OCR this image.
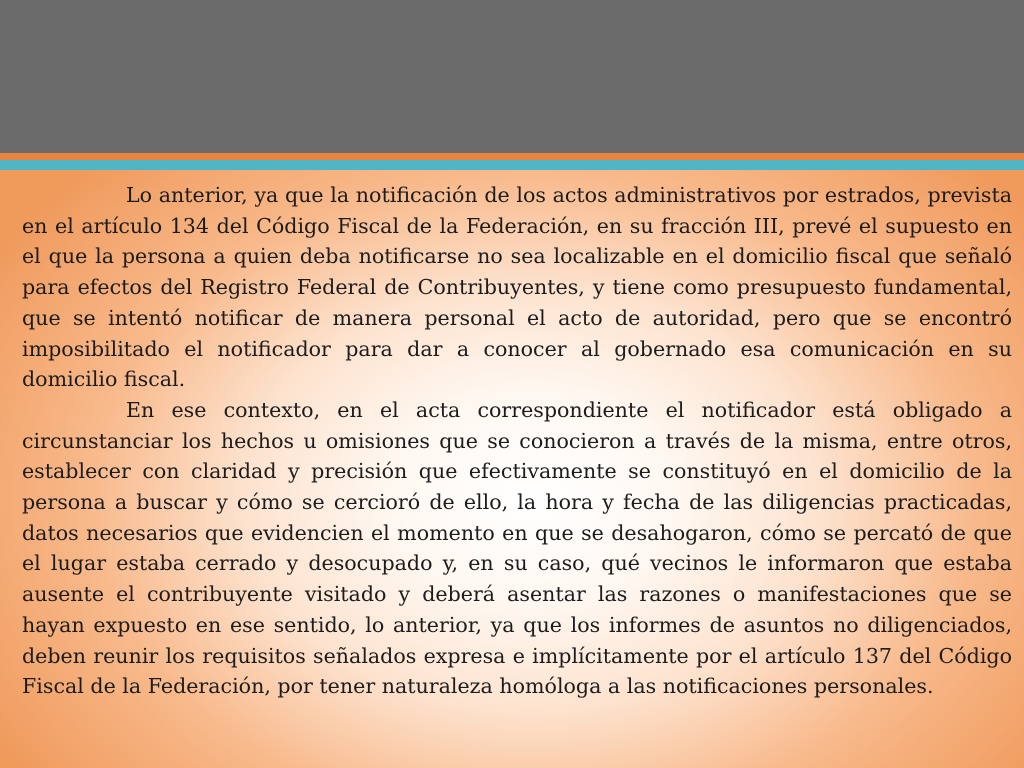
Lo anterior, ya que la notificación de los actos administrativos por estrados, prevista en el artículo 134 del Código Fiscal de la Federación, en su fracción III, prevé el supuesto en el que la persona a quien deba notificarse no sea localizable en el domicilio fiscal que señaló para efectos del Registro Federal de Contribuyentes, y tiene como presupuesto fundamental, que se intentó notificar de manera personal el acto de autoridad, pero que se encontró imposibilitado el notificador para dar a conocer al gobernado esa comunicación en su domicilio fiscal.

En ese contexto, en el acta correspondiente el notificador está obligado a circunstanciar los hechos u omisiones que se conocieron a través de la misma, entre otros, establecer con claridad y precisión que efectivamente se constituyó en el domicilio de la persona a buscar y cómo se cercioró de ello, la hora y fecha de las diligencias practicadas, datos necesarios que evidencien el momento en que se desahogaron, cómo se percató de que el lugar estaba cerrado y desocupado y, en su caso, qué vecinos le informaron que estaba ausente el contribuyente visitado y deberá asentar las razones o manifestaciones que se hayan expuesto en ese sentido, lo anterior, ya que los informes de asuntos no diligenciados, deben reunir los requisitos señalados expresa e implícitamente por el artículo 137 del Código Fiscal de la Federación, por tener naturaleza homóloga a las notificaciones personales.
